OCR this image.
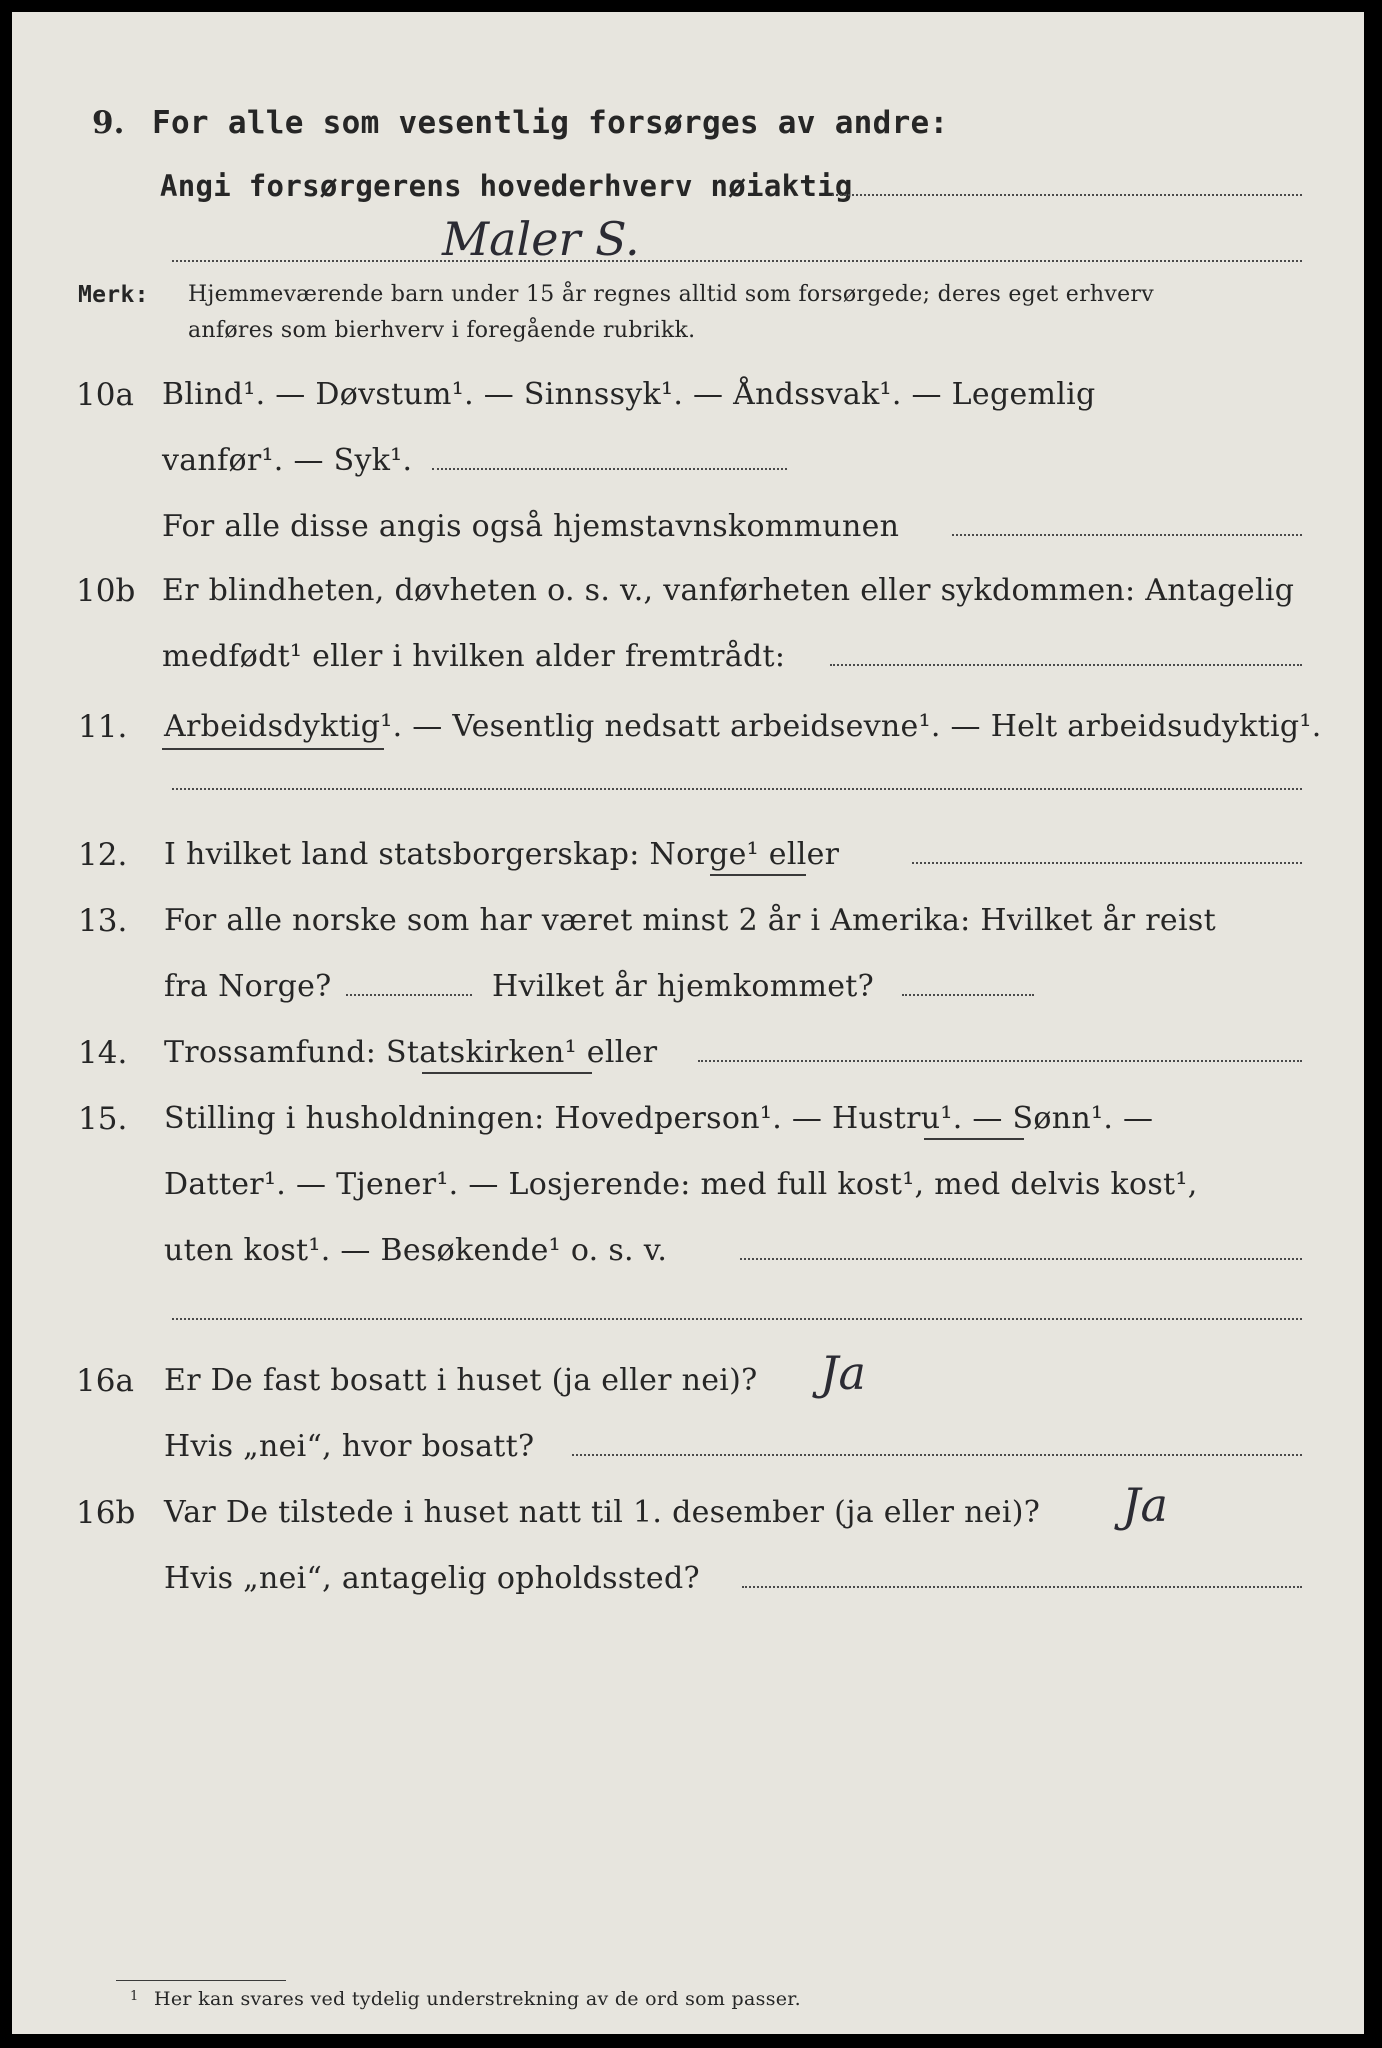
9. For alle som vesentlig forsørges av andre:
Angi forsørgerens hovederhverv nøiaktig
Maler S.
Merk: Hjemmeværende barn under 15 år regnes alltid som forsørgede; deres eget erhverv
anføres som bierhverv i foregående rubrikk.
10a Blind¹. — Døvstum¹. — Sinnssyk¹. — Åndssvak¹. — Legemlig
vanfør¹. — Syk¹.
For alle disse angis også hjemstavnskommunen
10b Er blindheten, døvheten o. s. v., vanførheten eller sykdommen: Antagelig
medfødt¹ eller i hvilken alder fremtrådt:
11. Arbeidsdyktig¹. — Vesentlig nedsatt arbeidsevne¹. — Helt arbeidsudyktig¹.
12. I hvilket land statsborgerskap: Norge¹ eller
13. For alle norske som har været minst 2 år i Amerika: Hvilket år reist
fra Norge?	Hvilket år hjemkommet?
14. Trossamfund: Statskirken¹ eller
15. Stilling i husholdningen: Hovedperson¹. — Hustru¹. — Sønn¹. —
Datter¹. — Tjener¹. — Losjerende: med full kost¹, med delvis kost¹,
uten kost¹. — Besøkende¹ o. s. v.
16a Er De fast bosatt i huset (ja eller nei)? Ja
Hvis „nei“, hvor bosatt?
16b Var De tilstede i huset natt til 1. desember (ja eller nei)? Ja
Hvis „nei“, antagelig opholdssted?
1 Her kan svares ved tydelig understrekning av de ord som passer.
